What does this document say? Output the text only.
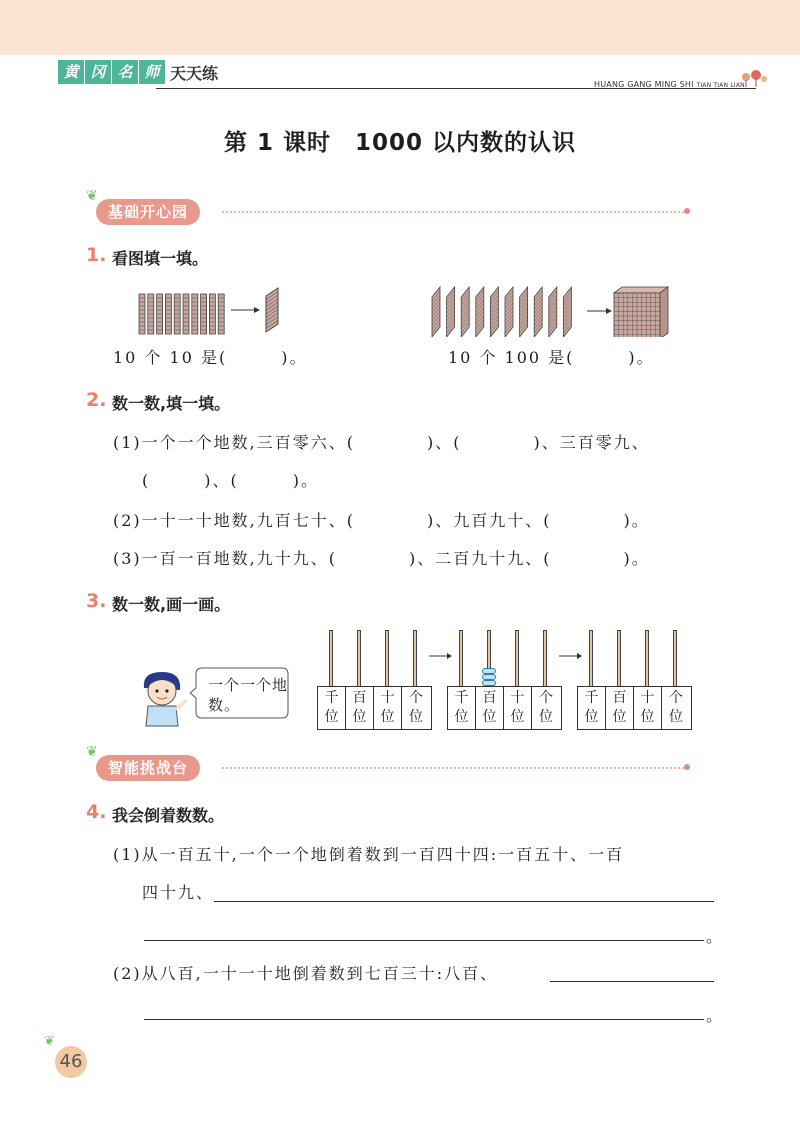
黄 冈 名 师 天天练
HUANG GANG MING SHI TIAN TIAN LIAN
第 1 课时　1000 以内数的认识
❦
基础开心园
1. 看图填一填。
10 个 10 是(　　　)。	10 个 100 是(　　　)。
2. 数一数,填一填。
(1)一个一个地数,三百零六、(　　　　)、(　　　　)、三百零九、
(　　　)、(　　　)。
(2)一十一十地数,九百七十、(　　　　)、九百九十、(　　　　)。
(3)一百一百地数,九十九、(　　　　)、二百九十九、(　　　　)。
3. 数一数,画一画。
一个一个地数。	千
位
百
位
十
位
个
位
千
位
百
位
十
位
个
位
千
位
百
位
十
位
个
位
❦
智能挑战台
4. 我会倒着数数。
(1)从一百五十,一个一个地倒着数到一百四十四:一百五十、一百
四十九、
。
(2)从八百,一十一十地倒着数到七百三十:八百、
。
❦
46
